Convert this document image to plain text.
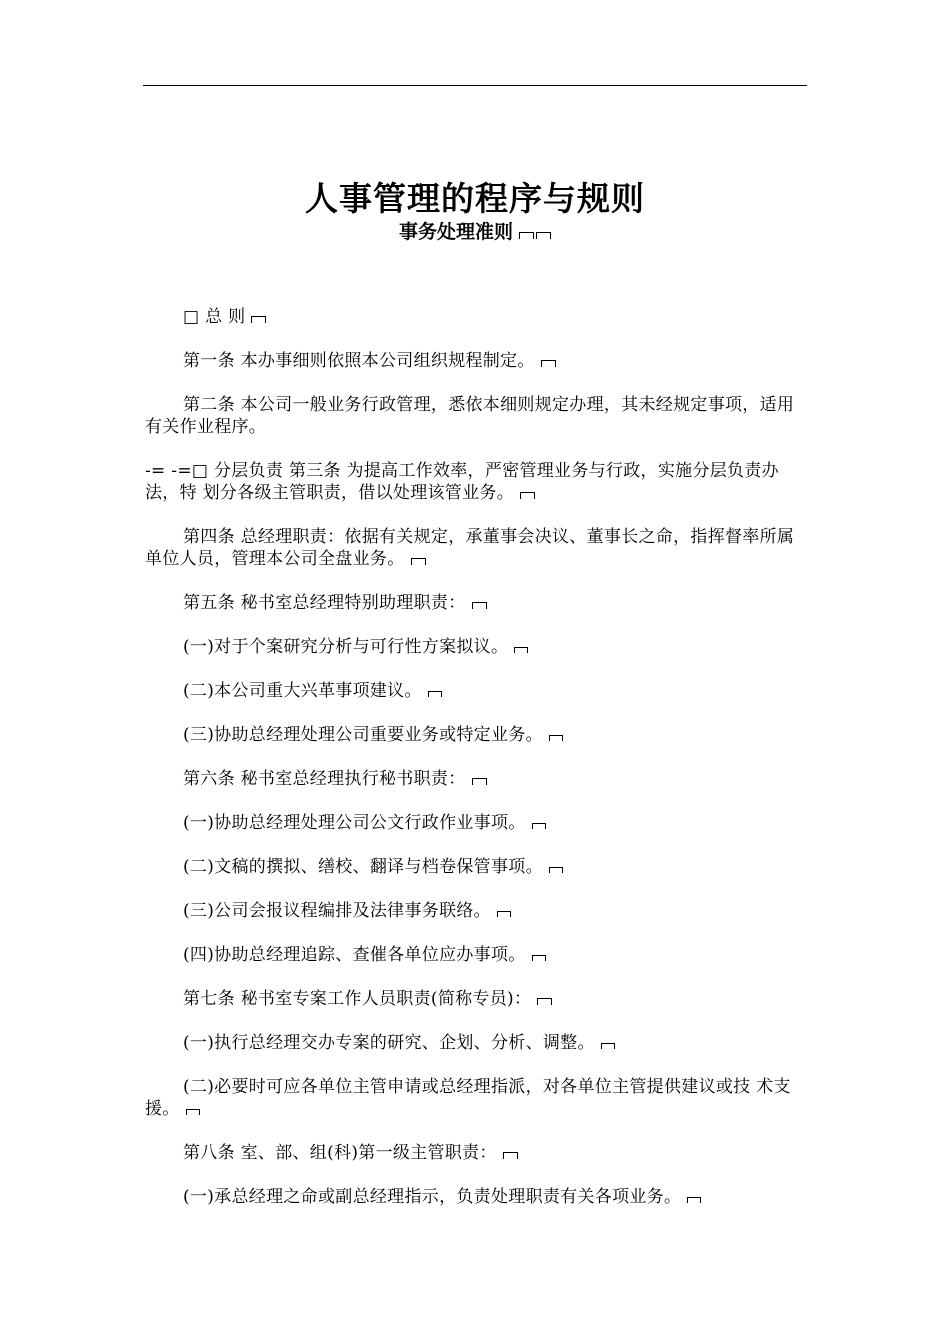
人事管理的程序与规则
事务处理准则

□ 总 则

第一条 本办事细则依照本公司组织规程制定。

第二条 本公司一般业务行政管理，悉依本细则规定办理，其未经规定事项，适用有关作业程序。

-= -=□ 分层负责 第三条 为提高工作效率，严密管理业务与行政，实施分层负责办法，特 划分各级主管职责，借以处理该管业务。

第四条 总经理职责：依据有关规定，承董事会决议、董事长之命，指挥督率所属单位人员，管理本公司全盘业务。

第五条 秘书室总经理特别助理职责：

(一)对于个案研究分析与可行性方案拟议。

(二)本公司重大兴革事项建议。

(三)协助总经理处理公司重要业务或特定业务。

第六条 秘书室总经理执行秘书职责：

(一)协助总经理处理公司公文行政作业事项。

(二)文稿的撰拟、缮校、翻译与档卷保管事项。

(三)公司会报议程编排及法律事务联络。

(四)协助总经理追踪、查催各单位应办事项。

第七条 秘书室专案工作人员职责(简称专员)：

(一)执行总经理交办专案的研究、企划、分析、调整。

(二)必要时可应各单位主管申请或总经理指派，对各单位主管提供建议或技 术支援。

第八条 室、部、组(科)第一级主管职责：

(一)承总经理之命或副总经理指示，负责处理职责有关各项业务。
